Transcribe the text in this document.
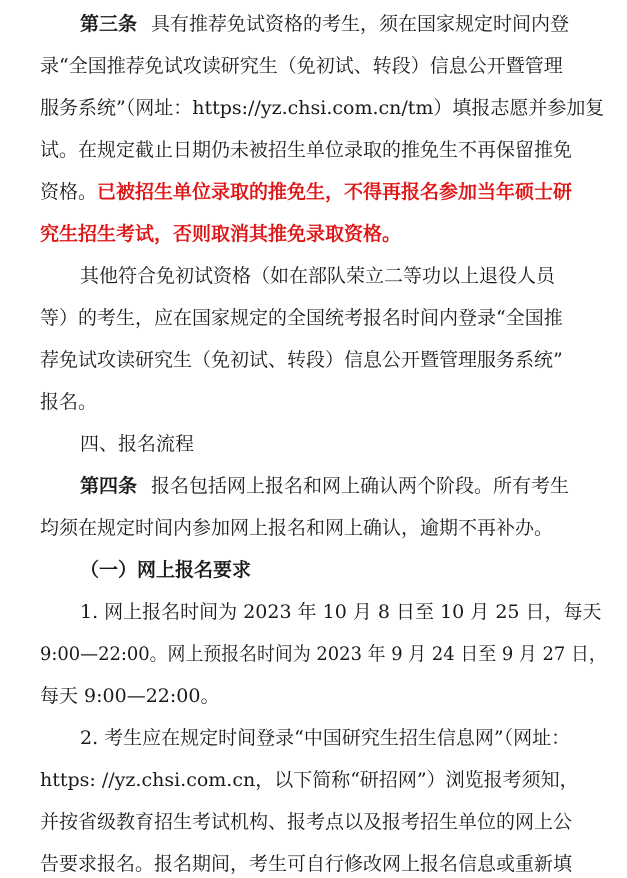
第三条 具有推荐免试资格的考生，须在国家规定时间内登
录“全国推荐免试攻读研究生（免初试、转段）信息公开暨管理
服务系统”（网址：https://yz.chsi.com.cn/tm）填报志愿并参加复
试。在规定截止日期仍未被招生单位录取的推免生不再保留推免
资格。已被招生单位录取的推免生，不得再报名参加当年硕士研
究生招生考试，否则取消其推免录取资格。
其他符合免初试资格（如在部队荣立二等功以上退役人员
等）的考生，应在国家规定的全国统考报名时间内登录“全国推
荐免试攻读研究生（免初试、转段）信息公开暨管理服务系统”
报名。
四、报名流程
第四条 报名包括网上报名和网上确认两个阶段。所有考生
均须在规定时间内参加网上报名和网上确认，逾期不再补办。
（一）网上报名要求
1. 网上报名时间为 2023 年 10 月 8 日至 10 月 25 日，每天
9:00—22:00。网上预报名时间为 2023 年 9 月 24 日至 9 月 27 日，
每天 9:00—22:00。
2. 考生应在规定时间登录“中国研究生招生信息网”（网址：
https: //yz.chsi.com.cn，以下简称“研招网”）浏览报考须知，
并按省级教育招生考试机构、报考点以及报考招生单位的网上公
告要求报名。报名期间，考生可自行修改网上报名信息或重新填
